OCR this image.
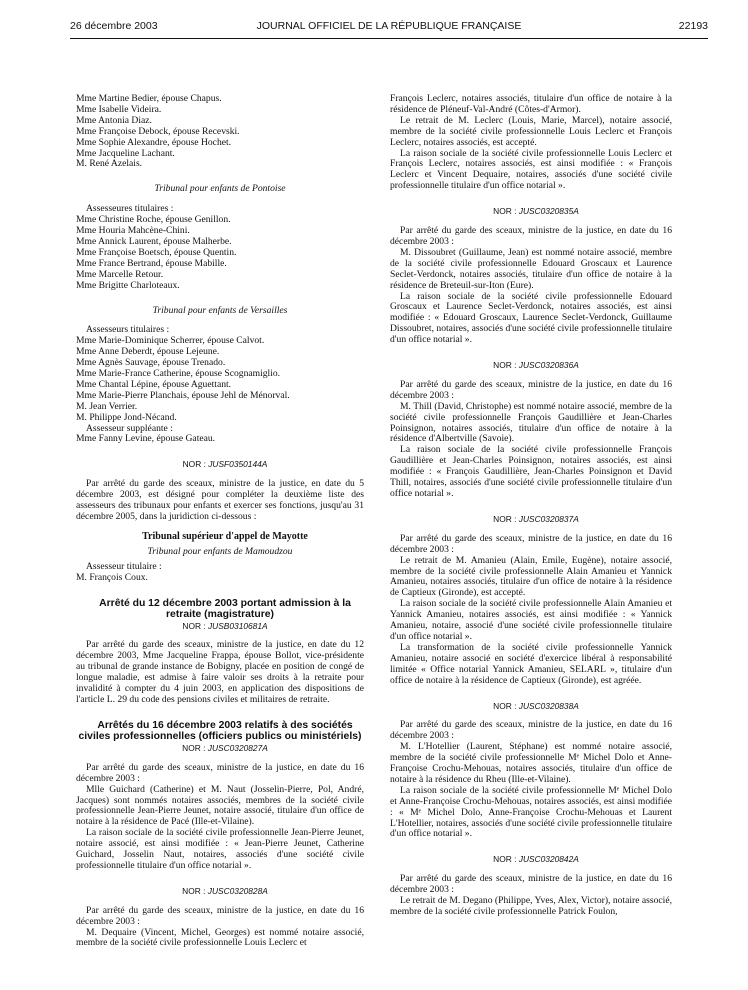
26 décembre 2003	JOURNAL OFFICIEL DE LA RÉPUBLIQUE FRANÇAISE	22193
Mme Martine Bedier, épouse Chapus.
Mme Isabelle Videira.
Mme Antonia Diaz.
Mme Françoise Debock, épouse Recevski.
Mme Sophie Alexandre, épouse Hochet.
Mme Jacqueline Lachant.
M. René Azelais.

Tribunal pour enfants de Pontoise

Assesseures titulaires :

Mme Christine Roche, épouse Genillon.
Mme Houria Mahcène-Chini.
Mme Annick Laurent, épouse Malherbe.
Mme Françoise Boetsch, épouse Quentin.
Mme France Bertrand, épouse Mabille.
Mme Marcelle Retour.
Mme Brigitte Charloteaux.

Tribunal pour enfants de Versailles

Assesseurs titulaires :

Mme Marie-Dominique Scherrer, épouse Calvot.
Mme Anne Deberdt, épouse Lejeune.
Mme Agnès Sauvage, épouse Trenado.
Mme Marie-France Catherine, épouse Scognamiglio.
Mme Chantal Lépine, épouse Aguettant.
Mme Marie-Pierre Planchais, épouse Jehl de Ménorval.
M. Jean Verrier.
M. Philippe Jond-Nécand.

Assesseur suppléante :

Mme Fanny Levine, épouse Gateau.

NOR : JUSF0350144A

Par arrêté du garde des sceaux, ministre de la justice, en date du 5 décembre 2003, est désigné pour compléter la deuxième liste des assesseurs des tribunaux pour enfants et exercer ses fonctions, jusqu'au 31 décembre 2005, dans la juridiction ci-dessous :

Tribunal supérieur d'appel de Mayotte

Tribunal pour enfants de Mamoudzou

Assesseur titulaire :

M. François Coux.

Arrêté du 12 décembre 2003 portant admission à la retraite (magistrature)

NOR : JUSB0310681A

Par arrêté du garde des sceaux, ministre de la justice, en date du 12 décembre 2003, Mme Jacqueline Frappa, épouse Bollot, vice-présidente au tribunal de grande instance de Bobigny, placée en position de congé de longue maladie, est admise à faire valoir ses droits à la retraite pour invalidité à compter du 4 juin 2003, en application des dispositions de l'article L. 29 du code des pensions civiles et militaires de retraite.

Arrêtés du 16 décembre 2003 relatifs à des sociétés civiles professionnelles (officiers publics ou ministériels)

NOR : JUSC0320827A

Par arrêté du garde des sceaux, ministre de la justice, en date du 16 décembre 2003 :

Mlle Guichard (Catherine) et M. Naut (Josselin-Pierre, Pol, André, Jacques) sont nommés notaires associés, membres de la société civile professionnelle Jean-Pierre Jeunet, notaire associé, titulaire d'un office de notaire à la résidence de Pacé (Ille-et-Vilaine).

La raison sociale de la société civile professionnelle Jean-Pierre Jeunet, notaire associé, est ainsi modifiée : « Jean-Pierre Jeunet, Catherine Guichard, Josselin Naut, notaires, associés d'une société civile professionnelle titulaire d'un office notarial ».

NOR : JUSC0320828A

Par arrêté du garde des sceaux, ministre de la justice, en date du 16 décembre 2003 :

M. Dequaire (Vincent, Michel, Georges) est nommé notaire associé, membre de la société civile professionnelle Louis Leclerc et

François Leclerc, notaires associés, titulaire d'un office de notaire à la résidence de Pléneuf-Val-André (Côtes-d'Armor).

Le retrait de M. Leclerc (Louis, Marie, Marcel), notaire associé, membre de la société civile professionnelle Louis Leclerc et François Leclerc, notaires associés, est accepté.

La raison sociale de la société civile professionnelle Louis Leclerc et François Leclerc, notaires associés, est ainsi modifiée : « François Leclerc et Vincent Dequaire, notaires, associés d'une société civile professionnelle titulaire d'un office notarial ».

NOR : JUSC0320835A

Par arrêté du garde des sceaux, ministre de la justice, en date du 16 décembre 2003 :

M. Dissoubret (Guillaume, Jean) est nommé notaire associé, membre de la société civile professionnelle Edouard Groscaux et Laurence Seclet-Verdonck, notaires associés, titulaire d'un office de notaire à la résidence de Breteuil-sur-Iton (Eure).

La raison sociale de la société civile professionnelle Edouard Groscaux et Laurence Seclet-Verdonck, notaires associés, est ainsi modifiée : « Edouard Groscaux, Laurence Seclet-Verdonck, Guillaume Dissoubret, notaires, associés d'une société civile professionnelle titulaire d'un office notarial ».

NOR : JUSC0320836A

Par arrêté du garde des sceaux, ministre de la justice, en date du 16 décembre 2003 :

M. Thill (David, Christophe) est nommé notaire associé, membre de la société civile professionnelle François Gaudillière et Jean-Charles Poinsignon, notaires associés, titulaire d'un office de notaire à la résidence d'Albertville (Savoie).

La raison sociale de la société civile professionnelle François Gaudillière et Jean-Charles Poinsignon, notaires associés, est ainsi modifiée : « François Gaudillière, Jean-Charles Poinsignon et David Thill, notaires, associés d'une société civile professionnelle titulaire d'un office notarial ».

NOR : JUSC0320837A

Par arrêté du garde des sceaux, ministre de la justice, en date du 16 décembre 2003 :

Le retrait de M. Amanieu (Alain, Emile, Eugène), notaire associé, membre de la société civile professionnelle Alain Amanieu et Yannick Amanieu, notaires associés, titulaire d'un office de notaire à la résidence de Captieux (Gironde), est accepté.

La raison sociale de la société civile professionnelle Alain Amanieu et Yannick Amanieu, notaires associés, est ainsi modifiée : « Yannick Amanieu, notaire, associé d'une société civile professionnelle titulaire d'un office notarial ».

La transformation de la société civile professionnelle Yannick Amanieu, notaire associé en société d'exercice libéral à responsabilité limitée « Office notarial Yannick Amanieu, SELARL », titulaire d'un office de notaire à la résidence de Captieux (Gironde), est agréée.

NOR : JUSC0320838A

Par arrêté du garde des sceaux, ministre de la justice, en date du 16 décembre 2003 :

M. L'Hotellier (Laurent, Stéphane) est nommé notaire associé, membre de la société civile professionnelle Mᵉ Michel Dolo et Anne-Françoise Crochu-Mehouas, notaires associés, titulaire d'un office de notaire à la résidence du Rheu (Ille-et-Vilaine).

La raison sociale de la société civile professionnelle Mᵉ Michel Dolo et Anne-Françoise Crochu-Mehouas, notaires associés, est ainsi modifiée : « Mᵉ Michel Dolo, Anne-Françoise Crochu-Mehouas et Laurent L'Hotellier, notaires, associés d'une société civile professionnelle titulaire d'un office notarial ».

NOR : JUSC0320842A

Par arrêté du garde des sceaux, ministre de la justice, en date du 16 décembre 2003 :

Le retrait de M. Degano (Philippe, Yves, Alex, Victor), notaire associé, membre de la société civile professionnelle Patrick Foulon,
